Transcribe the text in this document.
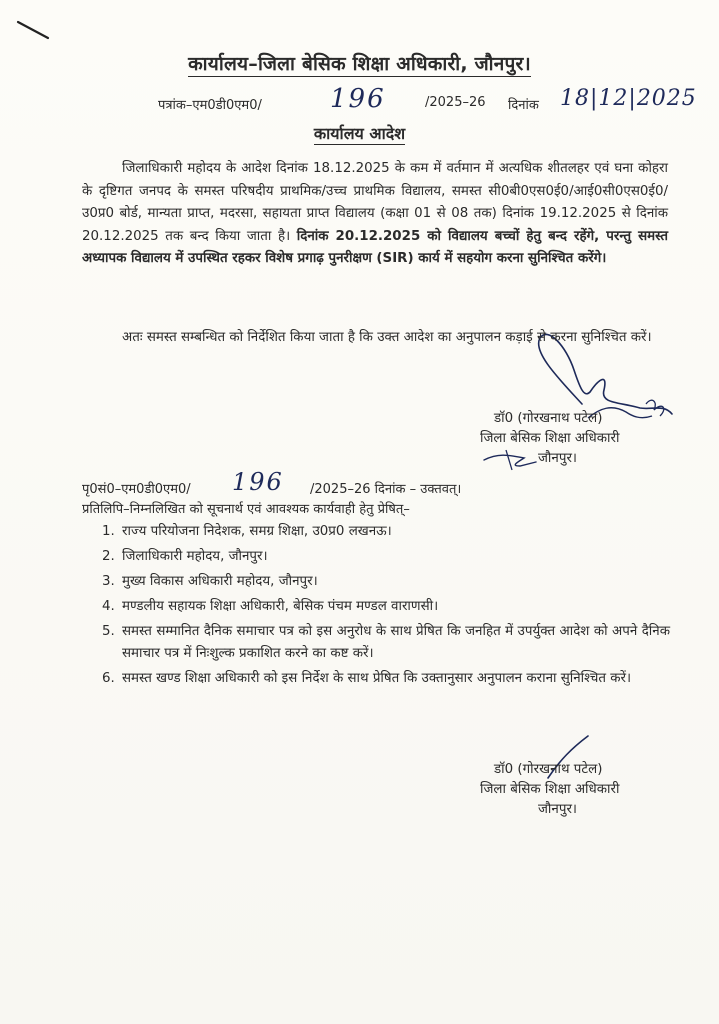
कार्यालय–जिला बेसिक शिक्षा अधिकारी, जौनपुर।
पत्रांक–एम0डी0एम0/	196	/2025–26 दिनांक 18|12|2025
कार्यालय आदेश
जिलाधिकारी महोदय के आदेश दिनांक 18.12.2025 के कम में वर्तमान में अत्यधिक शीतलहर एवं घना कोहरा के दृष्टिगत जनपद के समस्त परिषदीय प्राथमिक/उच्च प्राथमिक विद्यालय, समस्त सी0बी0एस0ई0/आई0सी0एस0ई0/उ0प्र0 बोर्ड, मान्यता प्राप्त, मदरसा, सहायता प्राप्त विद्यालय (कक्षा 01 से 08 तक) दिनांक 19.12.2025 से दिनांक 20.12.2025 तक बन्द किया जाता है। दिनांक 20.12.2025 को विद्यालय बच्चों हेतु बन्द रहेंगे, परन्तु समस्त अध्यापक विद्यालय में उपस्थित रहकर विशेष प्रगाढ़ पुनरीक्षण (SIR) कार्य में सहयोग करना सुनिश्चित करेंगे।
अतः समस्त सम्बन्धित को निर्देशित किया जाता है कि उक्त आदेश का अनुपालन कड़ाई से करना सुनिश्चित करें।
डॉ0 (गोरखनाथ पटेल)
जिला बेसिक शिक्षा अधिकारी
जौनपुर।
पृ0सं0–एम0डी0एम0/ 196 /2025–26 दिनांक – उक्तवत्।
प्रतिलिपि–निम्नलिखित को सूचनार्थ एवं आवश्यक कार्यवाही हेतु प्रेषित्–
1. राज्य परियोजना निदेशक, समग्र शिक्षा, उ0प्र0 लखनऊ।
2. जिलाधिकारी महोदय, जौनपुर।
3. मुख्य विकास अधिकारी महोदय, जौनपुर।
4. मण्डलीय सहायक शिक्षा अधिकारी, बेसिक पंचम मण्डल वाराणसी।
5. समस्त सम्मानित दैनिक समाचार पत्र को इस अनुरोध के साथ प्रेषित कि जनहित में उपर्युक्त आदेश को अपने दैनिक समाचार पत्र में निःशुल्क प्रकाशित करने का कष्ट करें।
6. समस्त खण्ड शिक्षा अधिकारी को इस निर्देश के साथ प्रेषित कि उक्तानुसार अनुपालन कराना सुनिश्चित करें।
डॉ0 (गोरखनाथ पटेल)
जिला बेसिक शिक्षा अधिकारी
जौनपुर।
